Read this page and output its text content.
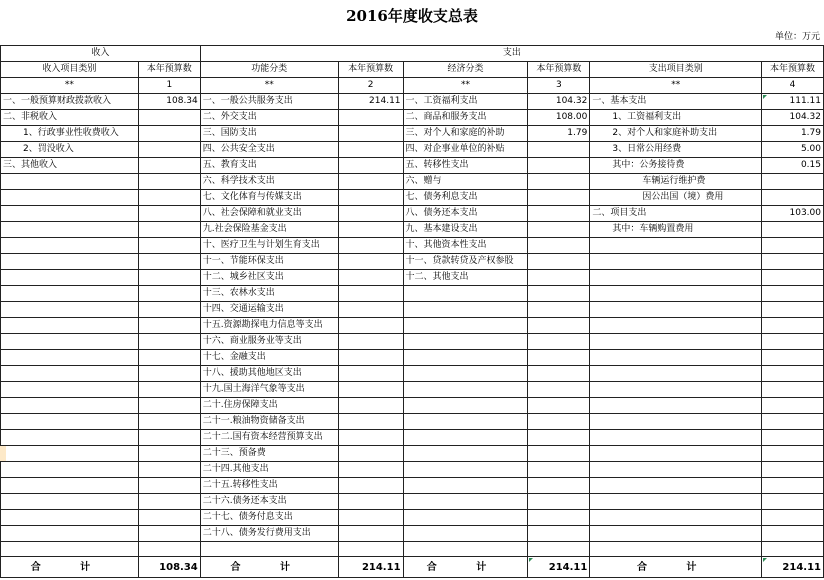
2016年度收支总表
单位：万元
收入		支出					
收入项目类别	本年预算数	功能分类	本年预算数	经济分类	本年预算数	支出项目类别	本年预算数
**	1	**	2	**	3	**	4
一、一般预算财政拨款收入	108.34	一、一般公共服务支出	214.11	一、工资福利支出	104.32	一、基本支出	111.11
二、非税收入		二、外交支出		二、商品和服务支出	108.00	1、工资福利支出	104.32
1、行政事业性收费收入		三、国防支出		三、对个人和家庭的补助	1.79	2、对个人和家庭补助支出	1.79
2、罚没收入		四、公共安全支出		四、对企事业单位的补贴		3、日常公用经费	5.00
三、其他收入		五、教育支出		五、转移性支出		其中：公务接待费	0.15
		六、科学技术支出		六、赠与		车辆运行维护费	
		七、文化体育与传媒支出		七、债务利息支出		因公出国（境）费用	
		八、社会保障和就业支出		八、债务还本支出		二、项目支出	103.00
		九.社会保险基金支出		九、基本建设支出		其中：车辆购置费用	
		十、医疗卫生与计划生育支出		十、其他资本性支出			
		十一、节能环保支出		十一、贷款转贷及产权参股			
		十二、城乡社区支出		十二、其他支出			
		十三、农林水支出					
		十四、交通运输支出					
		十五.资源勘探电力信息等支出					
		十六、商业服务业等支出					
		十七、金融支出					
		十八、援助其他地区支出					
		十九.国土海洋气象等支出					
		二十.住房保障支出					
		二十一.粮油物资储备支出					
		二十二.国有资本经营预算支出					
		二十三、预备费					
		二十四.其他支出					
		二十五.转移性支出					
		二十六.债务还本支出					
		二十七、债务付息支出					
		二十八、债务发行费用支出					

合 计	108.34	合 计	214.11	合 计	214.11	合 计	214.11
